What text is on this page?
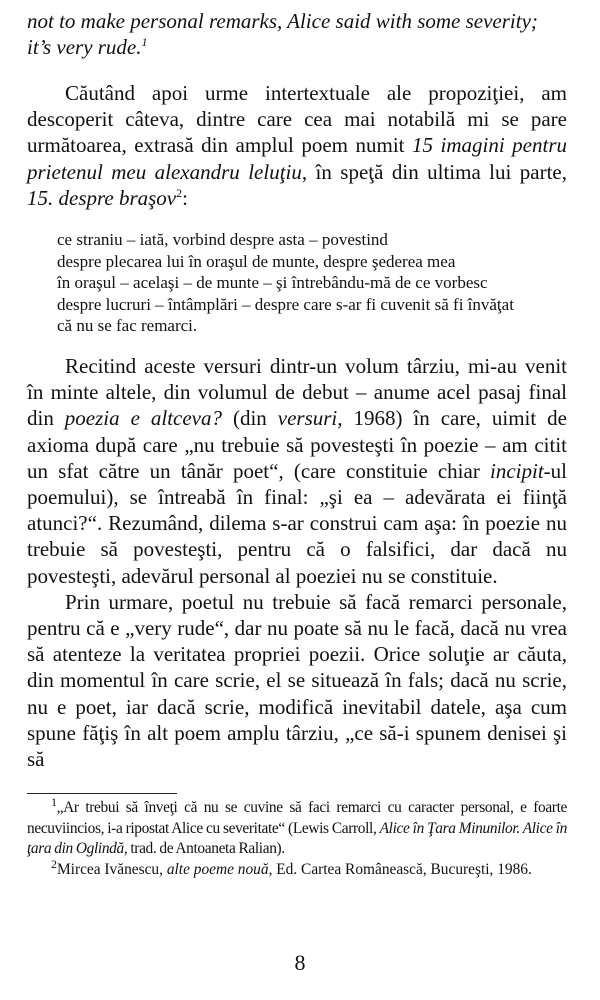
not to make personal remarks, Alice said with some severity; it’s very rude.$^1$

Căutând apoi urme intertextuale ale propoziţiei, am descoperit câteva, dintre care cea mai notabilă mi se pare următoarea, extrasă din amplul poem numit 15 imagini pentru prietenul meu alexandru leluţiu, în speţă din ultima lui parte, 15. despre braşov$^2$:

ce straniu – iată, vorbind despre asta – povestind
despre plecarea lui în oraşul de munte, despre şederea mea
în oraşul – acelaşi – de munte – şi întrebându-mă de ce vorbesc
despre lucruri – întâmplări – despre care s-ar fi cuvenit să fi învăţat
că nu se fac remarci.

Recitind aceste versuri dintr-un volum târziu, mi-au venit în minte altele, din volumul de debut – anume acel pasaj final din poezia e altceva? (din versuri, 1968) în care, uimit de axioma după care „nu trebuie să povesteşti în poezie – am citit un sfat către un tânăr poet“, (care constituie chiar incipit-ul poemului), se întreabă în final: „şi ea – adevărata ei fiinţă atunci?“. Rezumând, dilema s-ar construi cam aşa: în poezie nu trebuie să povesteşti, pentru că o falsifici, dar dacă nu povesteşti, adevărul personal al poeziei nu se constituie.

Prin urmare, poetul nu trebuie să facă remarci personale, pentru că e „very rude“, dar nu poate să nu le facă, dacă nu vrea să atenteze la veritatea propriei poezii. Orice soluţie ar căuta, din momentul în care scrie, el se situează în fals; dacă nu scrie, nu e poet, iar dacă scrie, modifică inevitabil datele, aşa cum spune făţiş în alt poem amplu târziu, „ce să-i spunem denisei şi să

$^1$„Ar trebui să înveţi că nu se cuvine să faci remarci cu caracter personal, e foarte necuviincios, i-a ripostat Alice cu severitate“ (Lewis Carroll, Alice în Ţara Minunilor. Alice în ţara din Oglindă, trad. de Antoaneta Ralian).

$^2$Mircea Ivănescu, alte poeme nouă, Ed. Cartea Românească, Bucureşti, 1986.

8
